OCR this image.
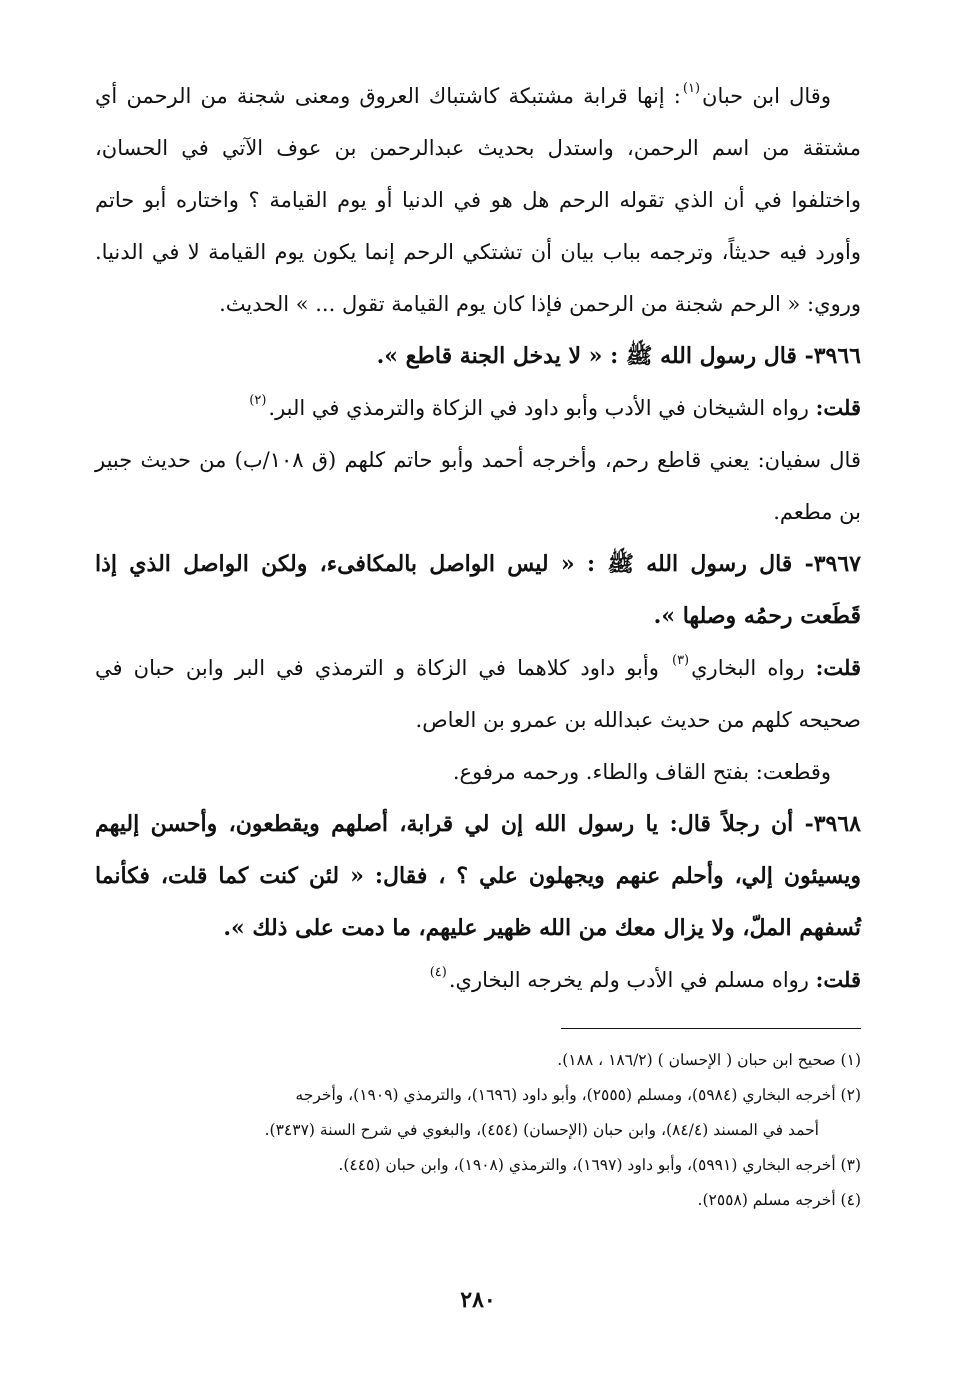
وقال ابن حبان$^{(١)}$: إنها قرابة مشتبكة كاشتباك العروق ومعنى شجنة من الرحمن أي مشتقة من اسم الرحمن، واستدل بحديث عبدالرحمن بن عوف الآتي في الحسان، واختلفوا في أن الذي تقوله الرحم هل هو في الدنيا أو يوم القيامة ؟ واختاره أبو حاتم وأورد فيه حديثاً، وترجمه بباب بيان أن تشتكي الرحم إنما يكون يوم القيامة لا في الدنيا. وروي: « الرحم شجنة من الرحمن فإذا كان يوم القيامة تقول ... » الحديث.

٣٩٦٦- قال رسول الله ﷺ : « لا يدخل الجنة قاطع ».

قلت: رواه الشيخان في الأدب وأبو داود في الزكاة والترمذي في البر.$^{(٢)}$

قال سفيان: يعني قاطع رحم، وأخرجه أحمد وأبو حاتم كلهم (ق ١٠٨/ب) من حديث جبير بن مطعم.

٣٩٦٧- قال رسول الله ﷺ : « ليس الواصل بالمكافىء، ولكن الواصل الذي إذا قَطَعت رحمُه وصلها ».

قلت: رواه البخاري$^{(٣)}$ وأبو داود كلاهما في الزكاة و الترمذي في البر وابن حبان في صحيحه كلهم من حديث عبدالله بن عمرو بن العاص.

وقطعت: بفتح القاف والطاء. ورحمه مرفوع.

٣٩٦٨- أن رجلاً قال: يا رسول الله إن لي قرابة، أصلهم ويقطعون، وأحسن إليهم ويسيئون إلي، وأحلم عنهم ويجهلون علي ؟ ، فقال: « لئن كنت كما قلت، فكأنما تُسفهم الملّ، ولا يزال معك من الله ظهير عليهم، ما دمت على ذلك ».

قلت: رواه مسلم في الأدب ولم يخرجه البخاري.$^{(٤)}$

(١) صحيح ابن حبان ( الإحسان ) (١٨٦/٢ ، ١٨٨).

(٢) أخرجه البخاري (٥٩٨٤)، ومسلم (٢٥٥٥)، وأبو داود (١٦٩٦)، والترمذي (١٩٠٩)، وأخرجه

أحمد في المسند (٨٤/٤)، وابن حبان (الإحسان) (٤٥٤)، والبغوي في شرح السنة (٣٤٣٧).

(٣) أخرجه البخاري (٥٩٩١)، وأبو داود (١٦٩٧)، والترمذي (١٩٠٨)، وابن حبان (٤٤٥).

(٤) أخرجه مسلم (٢٥٥٨).

٢٨٠
